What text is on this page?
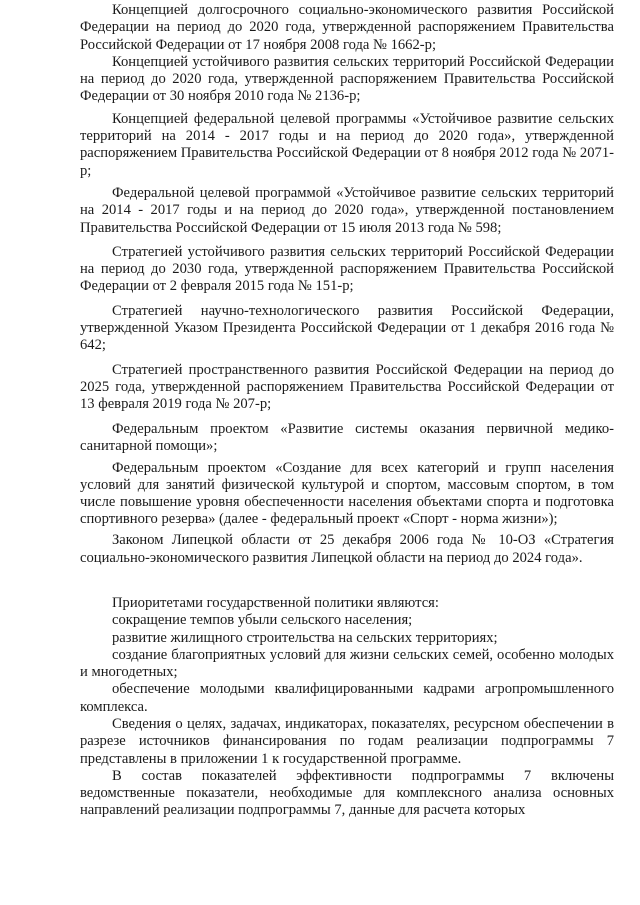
Концепцией долгосрочного социально-экономического развития Российской Федерации на период до 2020 года, утвержденной распоряжением Правительства Российской Федерации от 17 ноября 2008 года № 1662-р;

Концепцией устойчивого развития сельских территорий Российской Федерации на период до 2020 года, утвержденной распоряжением Правительства Российской Федерации от 30 ноября 2010 года № 2136-р;

Концепцией федеральной целевой программы «Устойчивое развитие сельских территорий на 2014 - 2017 годы и на период до 2020 года», утвержденной распоряжением Правительства Российской Федерации от 8 ноября 2012 года № 2071-р;

Федеральной целевой программой «Устойчивое развитие сельских территорий на 2014 - 2017 годы и на период до 2020 года», утвержденной постановлением Правительства Российской Федерации от 15 июля 2013 года № 598;

Стратегией устойчивого развития сельских территорий Российской Федерации на период до 2030 года, утвержденной распоряжением Правительства Российской Федерации от 2 февраля 2015 года № 151-р;

Стратегией научно-технологического развития Российской Федерации, утвержденной Указом Президента Российской Федерации от 1 декабря 2016 года № 642;

Стратегией пространственного развития Российской Федерации на период до 2025 года, утвержденной распоряжением Правительства Российской Федерации от 13 февраля 2019 года № 207-р;

Федеральным проектом «Развитие системы оказания первичной медико-санитарной помощи»;

Федеральным проектом «Создание для всех категорий и групп населения условий для занятий физической культурой и спортом, массовым спортом, в том числе повышение уровня обеспеченности населения объектами спорта и подготовка спортивного резерва» (далее - федеральный проект «Спорт - норма жизни»);

Законом Липецкой области от 25 декабря 2006 года № 10-ОЗ «Стратегия социально-экономического развития Липецкой области на период до 2024 года».

Приоритетами государственной политики являются:

сокращение темпов убыли сельского населения;

развитие жилищного строительства на сельских территориях;

создание благоприятных условий для жизни сельских семей, особенно молодых и многодетных;

обеспечение молодыми квалифицированными кадрами агропромышленного комплекса.

Сведения о целях, задачах, индикаторах, показателях, ресурсном обеспечении в разрезе источников финансирования по годам реализации подпрограммы 7 представлены в приложении 1 к государственной программе.

В состав показателей эффективности подпрограммы 7 включены ведомственные показатели, необходимые для комплексного анализа основных направлений реализации подпрограммы 7, данные для расчета которых
